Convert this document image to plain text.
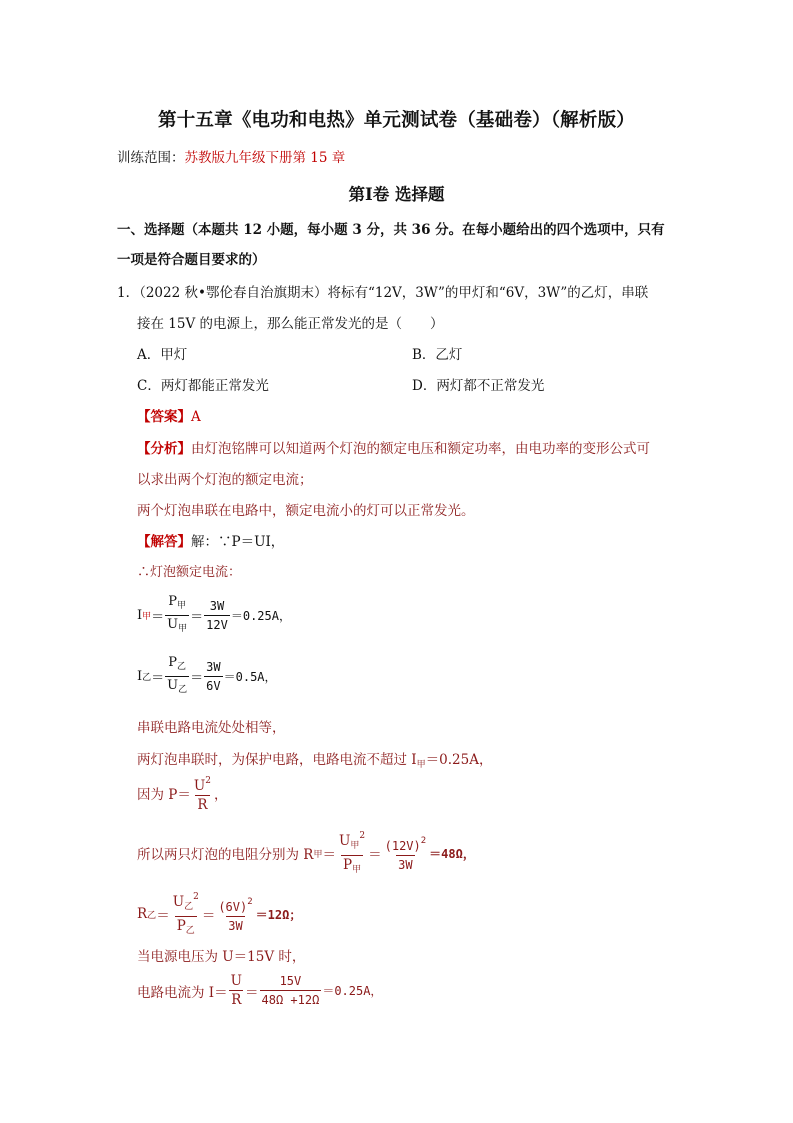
第十五章《电功和电热》单元测试卷（基础卷）（解析版）
训练范围：苏教版九年级下册第 15 章
第Ⅰ卷 选择题
一、选择题（本题共 12 小题，每小题 3 分，共 36 分。在每小题给出的四个选项中，只有
一项是符合题目要求的）
1．（2022 秋•鄂伦春自治旗期末）将标有“12V，3W”的甲灯和“6V，3W”的乙灯，串联
接在 15V 的电源上，那么能正常发光的是（ ）
A．甲灯	B．乙灯
C．两灯都能正常发光	D．两灯都不正常发光
【答案】A
【分析】由灯泡铭牌可以知道两个灯泡的额定电压和额定功率，由电功率的变形公式可
以求出两个灯泡的额定电流；
两个灯泡串联在电路中，额定电流小的灯可以正常发光。
【解答】解：∵P＝UI，
∴灯泡额定电流：
I 甲 ＝ $\frac{P_甲}{U_甲} = \frac{3W}{12V} =0.25A$，
I 乙 ＝ $\frac{P_乙}{U_乙} = \frac{3W}{6V} =0.5A$，
串联电路电流处处相等，
两灯泡串联时，为保护电路，电路电流不超过 $I_甲=0.25A$，
因为 $P= \frac{U^2}{R}$ ，
所以两只灯泡的电阻分别为 R 甲 ＝ $\frac{U_甲^2}{P_甲} = \frac{(12V)^2}{3W} =48\Omega$，
R 乙 ＝ $\frac{U_乙^2}{P_乙} = \frac{(6V)^2}{3W} =12\Omega$；
当电源电压为 U＝15V 时，
电路电流为 $I= \frac{U}{R} = \frac{15V}{48\Omega +12\Omega} =0.25A$，
